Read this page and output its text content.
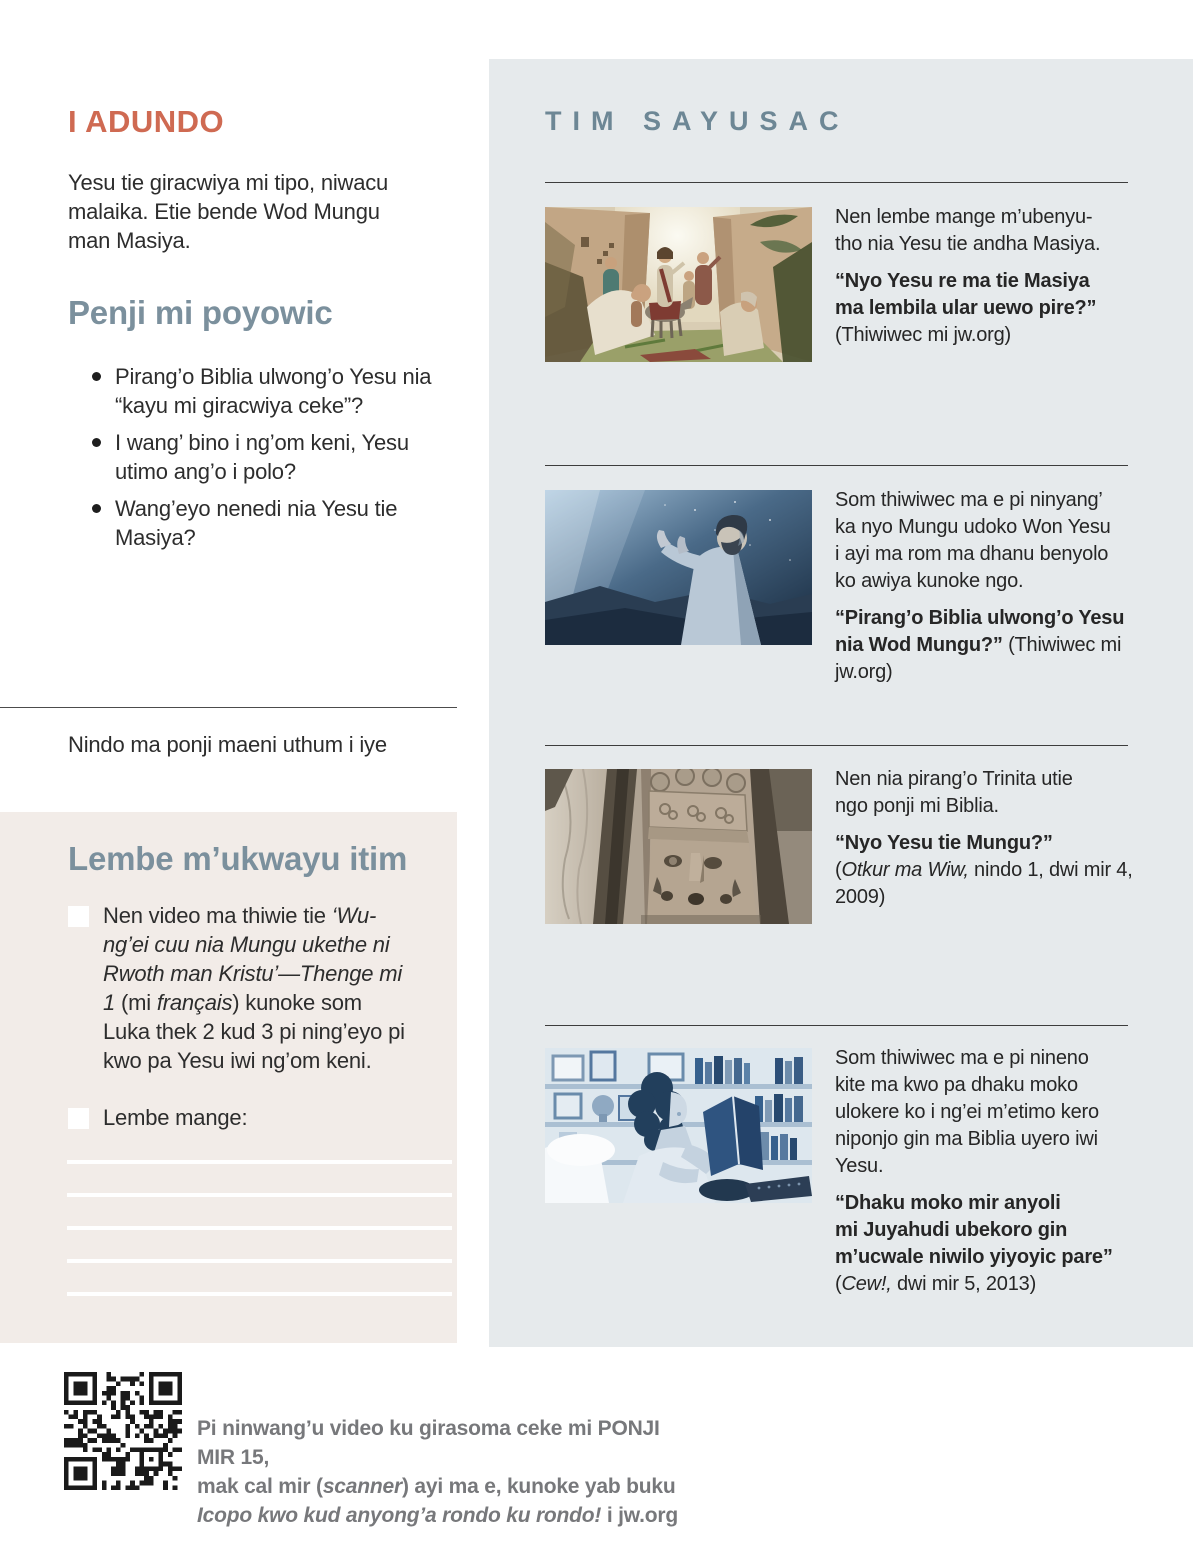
I ADUNDO
Yesu tie giracwiya mi tipo, niwacu
malaika. Etie bende Wod Mungu
man Masiya.
Penji mi poyowic
Pirang’o Biblia ulwong’o Yesu nia “kayu mi giracwiya ceke”?
I wang’ bino i ng’om keni, Yesu utimo ang’o i polo?
Wang’eyo nenedi nia Yesu tie Masiya?
Nindo ma ponji maeni uthum i iye
Lembe m’ukwayu itim
Nen video ma thiwie tie ‘Wu-
ng’ei cuu nia Mungu ukethe ni
Rwoth man Kristu’—Thenge mi
1 (mi français) kunoke som
Luka thek 2 kud 3 pi ning’eyo pi
kwo pa Yesu iwi ng’om keni.
Lembe mange:
TIM SAYUSAC

Nen lembe mange m’ubenyu-
tho nia Yesu tie andha Masiya.

“Nyo Yesu re ma tie Masiya
ma lembila ular uewo pire?”
(Thiwiwec mi jw.org)

Som thiwiwec ma e pi ninyang’
ka nyo Mungu udoko Won Yesu
i ayi ma rom ma dhanu benyolo
ko awiya kunoke ngo.

“Pirang’o Biblia ulwong’o Yesu
nia Wod Mungu?” (Thiwiwec mi
jw.org)

Nen nia pirang’o Trinita utie
ngo ponji mi Biblia.

“Nyo Yesu tie Mungu?”
(Otkur ma Wiw, nindo 1, dwi mir 4,
2009)

Som thiwiwec ma e pi nineno
kite ma kwo pa dhaku moko
ulokere ko i ng’ei m’etimo kero
niponjo gin ma Biblia uyero iwi
Yesu.

“Dhaku moko mir anyoli
mi Juyahudi ubekoro gin
m’ucwale niwilo yiyoyic pare”
(Cew!, dwi mir 5, 2013)

Pi ninwang’u video ku girasoma ceke mi PONJI MIR 15,
mak cal mir (scanner) ayi ma e, kunoke yab buku
Icopo kwo kud anyong’a rondo ku rondo! i jw.org
